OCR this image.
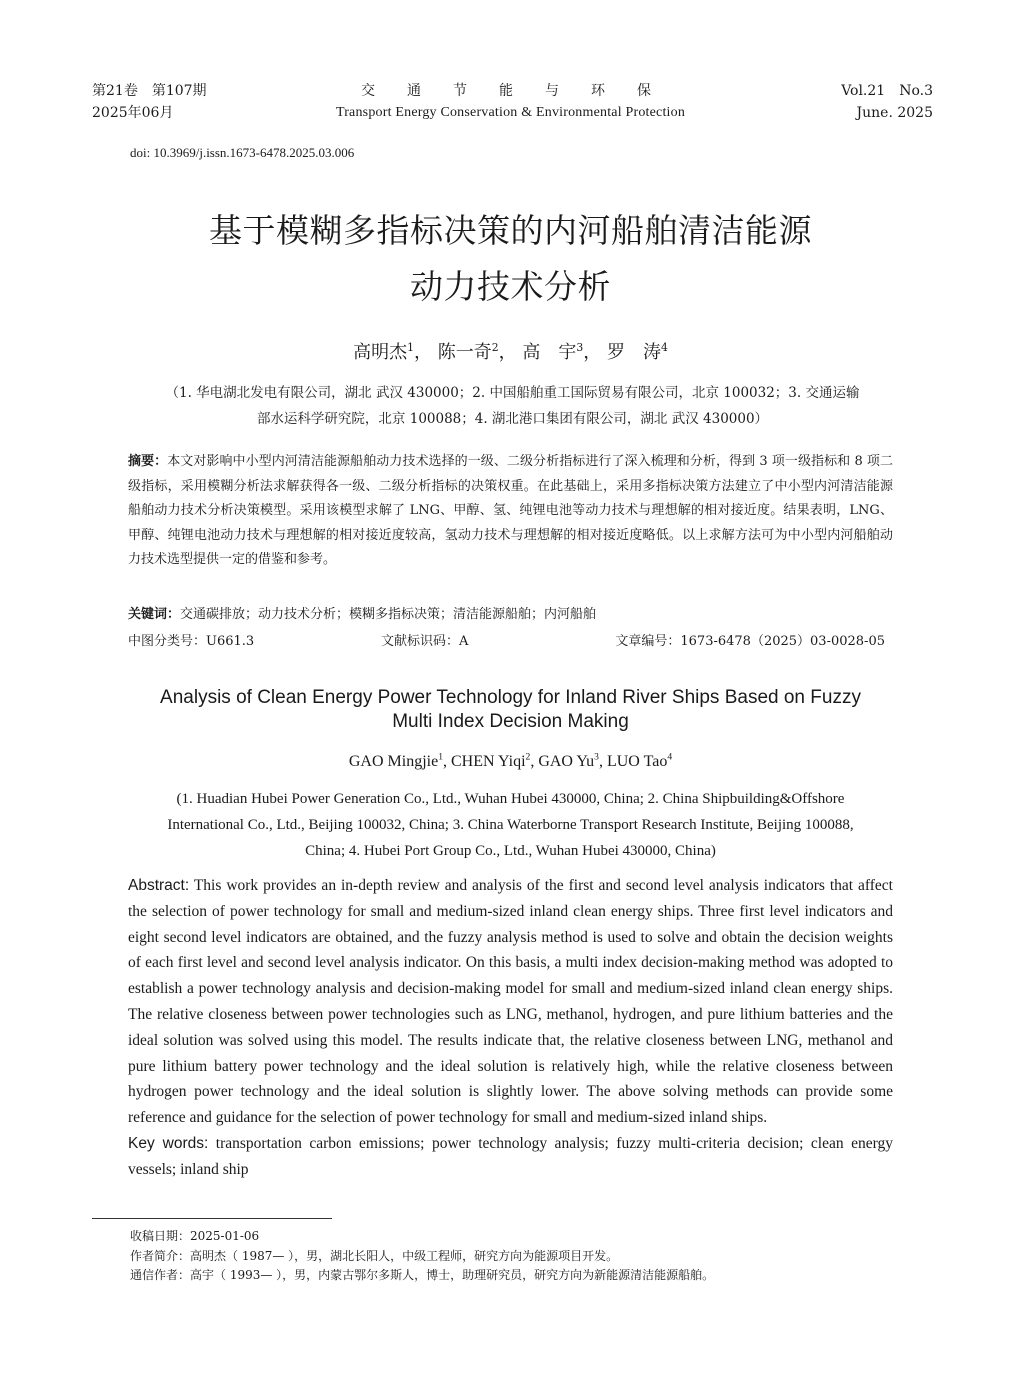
第21卷　第107期
2025年06月
交　通　节　能　与　环　保
Transport Energy Conservation & Environmental Protection
Vol.21　No.3
June. 2025
doi: 10.3969/j.issn.1673-6478.2025.03.006
基于模糊多指标决策的内河船舶清洁能源
动力技术分析
高明杰$^1$， 陈一奇$^2$， 高　宇$^3$， 罗　涛$^4$
（1. 华电湖北发电有限公司，湖北 武汉 430000；2. 中国船舶重工国际贸易有限公司，北京 100032；3. 交通运输
部水运科学研究院，北京 100088；4. 湖北港口集团有限公司，湖北 武汉 430000）
摘要：本文对影响中小型内河清洁能源船舶动力技术选择的一级、二级分析指标进行了深入梳理和分析，得到 3 项一级指标和 8 项二级指标，采用模糊分析法求解获得各一级、二级分析指标的决策权重。在此基础上，采用多指标决策方法建立了中小型内河清洁能源船舶动力技术分析决策模型。采用该模型求解了 LNG、甲醇、氢、纯锂电池等动力技术与理想解的相对接近度。结果表明，LNG、甲醇、纯锂电池动力技术与理想解的相对接近度较高，氢动力技术与理想解的相对接近度略低。以上求解方法可为中小型内河船舶动力技术选型提供一定的借鉴和参考。
关键词：交通碳排放；动力技术分析；模糊多指标决策；清洁能源船舶；内河船舶
中图分类号：U661.3	文献标识码：A	文章编号：1673-6478（2025）03-0028-05
Analysis of Clean Energy Power Technology for Inland River Ships Based on Fuzzy
Multi Index Decision Making
GAO Mingjie$^1$, CHEN Yiqi$^2$, GAO Yu$^3$, LUO Tao$^4$
(1. Huadian Hubei Power Generation Co., Ltd., Wuhan Hubei 430000, China; 2. China Shipbuilding&Offshore
International Co., Ltd., Beijing 100032, China; 3. China Waterborne Transport Research Institute, Beijing 100088,
China; 4. Hubei Port Group Co., Ltd., Wuhan Hubei 430000, China)
Abstract: This work provides an in-depth review and analysis of the first and second level analysis indicators that affect the selection of power technology for small and medium-sized inland clean energy ships. Three first level indicators and eight second level indicators are obtained, and the fuzzy analysis method is used to solve and obtain the decision weights of each first level and second level analysis indicator. On this basis, a multi index decision-making method was adopted to establish a power technology analysis and decision-making model for small and medium-sized inland clean energy ships. The relative closeness between power technologies such as LNG, methanol, hydrogen, and pure lithium batteries and the ideal solution was solved using this model. The results indicate that, the relative closeness between LNG, methanol and pure lithium battery power technology and the ideal solution is relatively high, while the relative closeness between hydrogen power technology and the ideal solution is slightly lower. The above solving methods can provide some reference and guidance for the selection of power technology for small and medium-sized inland ships.
Key words: transportation carbon emissions; power technology analysis; fuzzy multi-criteria decision; clean energy vessels; inland ship
收稿日期：2025-01-06
作者简介：高明杰（ 1987— ），男，湖北长阳人，中级工程师，研究方向为能源项目开发。
通信作者：高宇（ 1993— ），男，内蒙古鄂尔多斯人，博士，助理研究员，研究方向为新能源清洁能源船舶。
